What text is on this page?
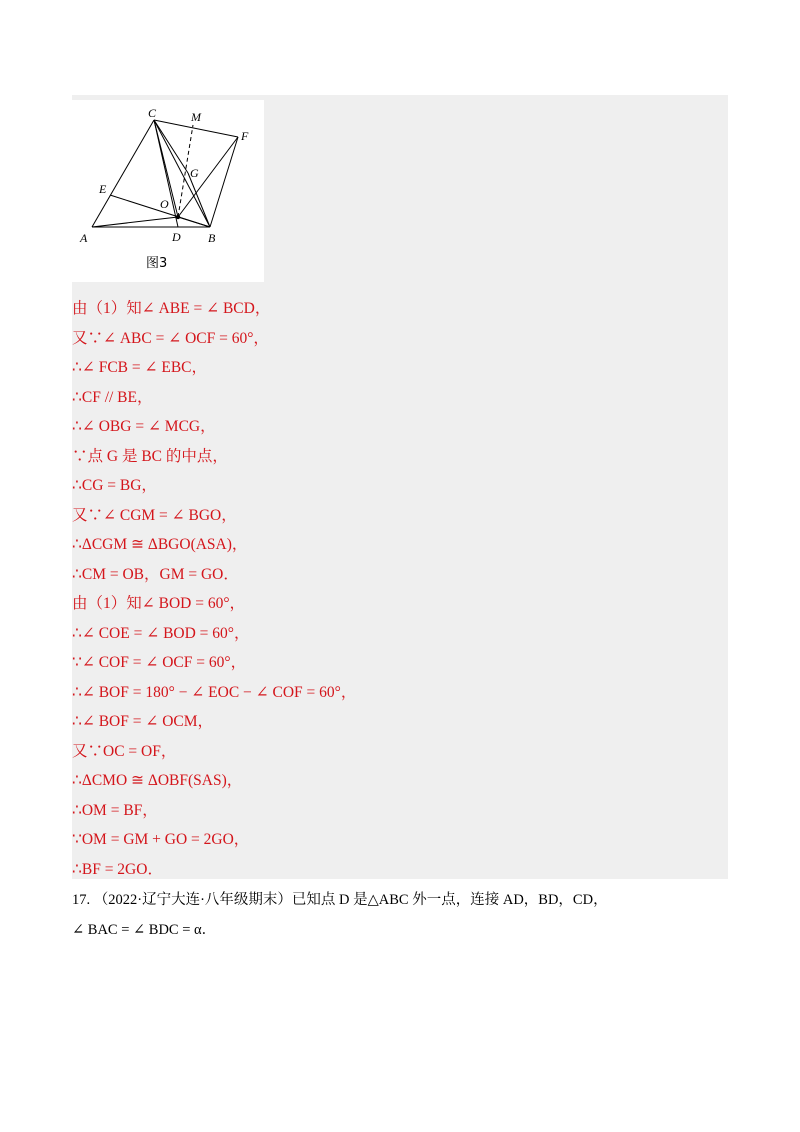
A	B
C
D
E
F
G
M
O
图3
由（1）知∠ ABE = ∠ BCD，
又∵∠ ABC = ∠ OCF = 60°，
∴∠ FCB = ∠ EBC，
∴CF // BE，
∴∠ OBG = ∠ MCG，
∵点 G 是 BC 的中点，
∴CG = BG，
又∵∠ CGM = ∠ BGO，
∴ΔCGM ≅ ΔBGO(ASA)，
∴CM = OB，GM = GO．
由（1）知∠ BOD = 60°，
∴∠ COE = ∠ BOD = 60°，
∵∠ COF = ∠ OCF = 60°，
∴∠ BOF = 180° − ∠ EOC − ∠ COF = 60°，
∴∠ BOF = ∠ OCM，
又∵OC = OF，
∴ΔCMO ≅ ΔOBF(SAS)，
∴OM = BF，
∵OM = GM + GO = 2GO，
∴BF = 2GO．
17. （2022·辽宁大连·八年级期末）已知点 D 是△ABC 外一点，连接 AD，BD，CD，
∠ BAC = ∠ BDC = α．
